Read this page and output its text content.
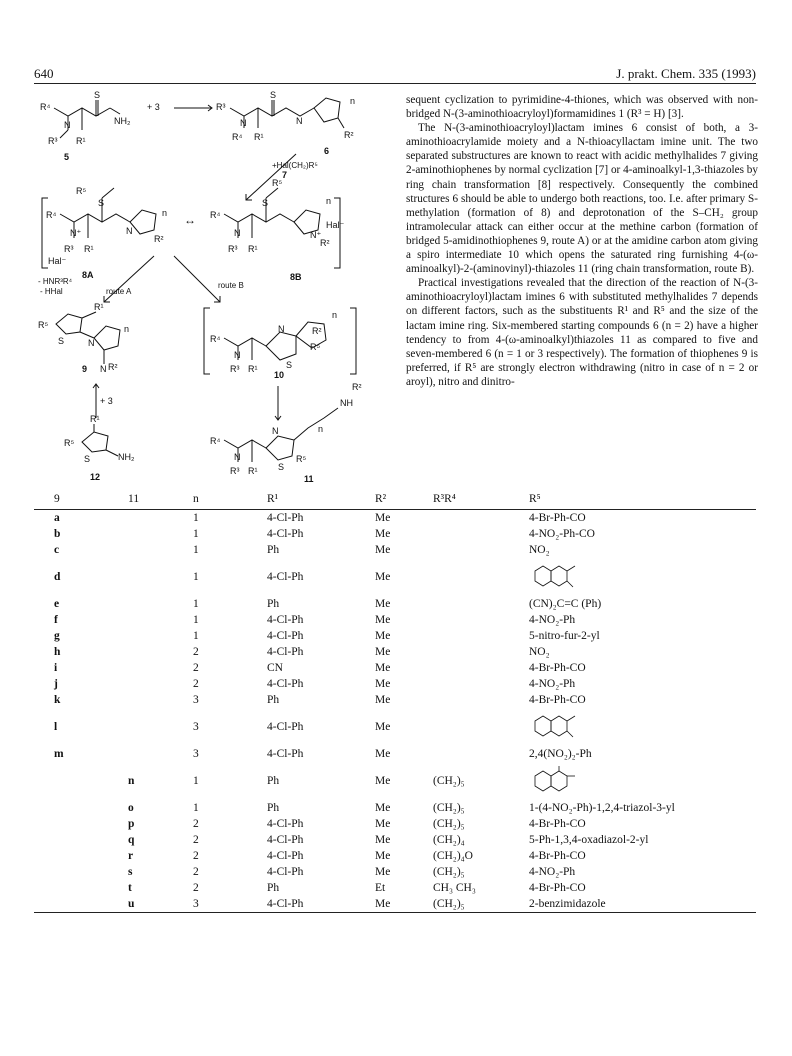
640	J. prakt. Chem. 335 (1993)
R⁴
S
NH₂
N
R³ R¹
5
+ 3	R³
S
N	N
R⁴ R¹	R²
n
6
+Hal(CH₂)R⁵
7
R⁵
S
R⁴
N⁺	N
R³ R¹
R²
n
Hal⁻
8A
↔
R⁵
S
R⁴
N	N⁺
R³ R¹
R²
Hal⁻
n
8B
- HNR³R⁴
- HHal	route A
route B
R⁵
S
R¹
N
N R²
n
9
R⁴
N
R³ R¹	S
N
R⁵
R²
n
10
+ 3
R¹
R⁵
S	NH₂
12
R⁴
N
R³ R¹
N
S
R⁵
n
NH
R²
11

sequent cyclization to pyrimidine-4-thiones, which was observed with non-bridged N-(3-aminothioacryloyl)formamidines 1 (R³ = H) [3].

The N-(3-aminothioacryloyl)lactam imines 6 consist of both, a 3-aminothioacrylamide moiety and a N-thioacyllactam imine unit. The two separated substructures are known to react with acidic methylhalides 7 giving 2-aminothiophenes by normal cyclization [7] or 4-aminoalkyl-1,3-thiazoles by ring chain transformation [8] respectively. Consequently the combined structures 6 should be able to undergo both reactions, too. I.e. after primary S-methylation (formation of 8) and deprotonation of the S–CH₂ group intramolecular attack can either occur at the methine carbon (formation of bridged 5-amidinothiophenes 9, route A) or at the amidine carbon atom giving a spiro intermediate 10 which opens the saturated ring furnishing 4-(ω-aminoalkyl)-2-(aminovinyl)-thiazoles 11 (ring chain transformation, route B).

Practical investigations revealed that the direction of the reaction of N-(3-aminothioacryloyl)lactam imines 6 with substituted methylhalides 7 depends on different factors, such as the substituents R¹ and R⁵ and the size of the lactam imine ring. Six-membered starting compounds 6 (n = 2) have a higher tendency to from 4-(ω-aminoalkyl)thiazoles 11 as compared to five and seven-membered 6 (n = 1 or 3 respectively). The formation of thiophenes 9 is preferred, if R⁵ are strongly electron withdrawing (nitro in case of n = 2 or aroyl), nitro and dinitro-

9	11	n	R¹	R²	R³R⁴	R⁵
a		1	4-Cl-Ph	Me		4-Br-Ph-CO
b		1	4-Cl-Ph	Me		4-NO₂-Ph-CO
c		1	Ph	Me		NO₂
d		1	4-Cl-Ph	Me		
e		1	Ph	Me		(CN)₂C=C (Ph)
f		1	4-Cl-Ph	Me		4-NO₂-Ph
g		1	4-Cl-Ph	Me		5-nitro-fur-2-yl
h		2	4-Cl-Ph	Me		NO₂
i		2	CN	Me		4-Br-Ph-CO
j		2	4-Cl-Ph	Me		4-NO₂-Ph
k		3	Ph	Me		4-Br-Ph-CO
l		3	4-Cl-Ph	Me		
m		3	4-Cl-Ph	Me		2,4(NO₂)₂-Ph
	n	1	Ph	Me	(CH₂)₅	
	o	1	Ph	Me	(CH₂)₅	1-(4-NO₂-Ph)-1,2,4-triazol-3-yl
	p	2	4-Cl-Ph	Me	(CH₂)₅	4-Br-Ph-CO
	q	2	4-Cl-Ph	Me	(CH₂)₄	5-Ph-1,3,4-oxadiazol-2-yl
	r	2	4-Cl-Ph	Me	(CH₂)₄O	4-Br-Ph-CO
	s	2	4-Cl-Ph	Me	(CH₂)₅	4-NO₂-Ph
	t	2	Ph	Et	CH₃ CH₃	4-Br-Ph-CO
	u	3	4-Cl-Ph	Me	(CH₂)₅	2-benzimidazole
